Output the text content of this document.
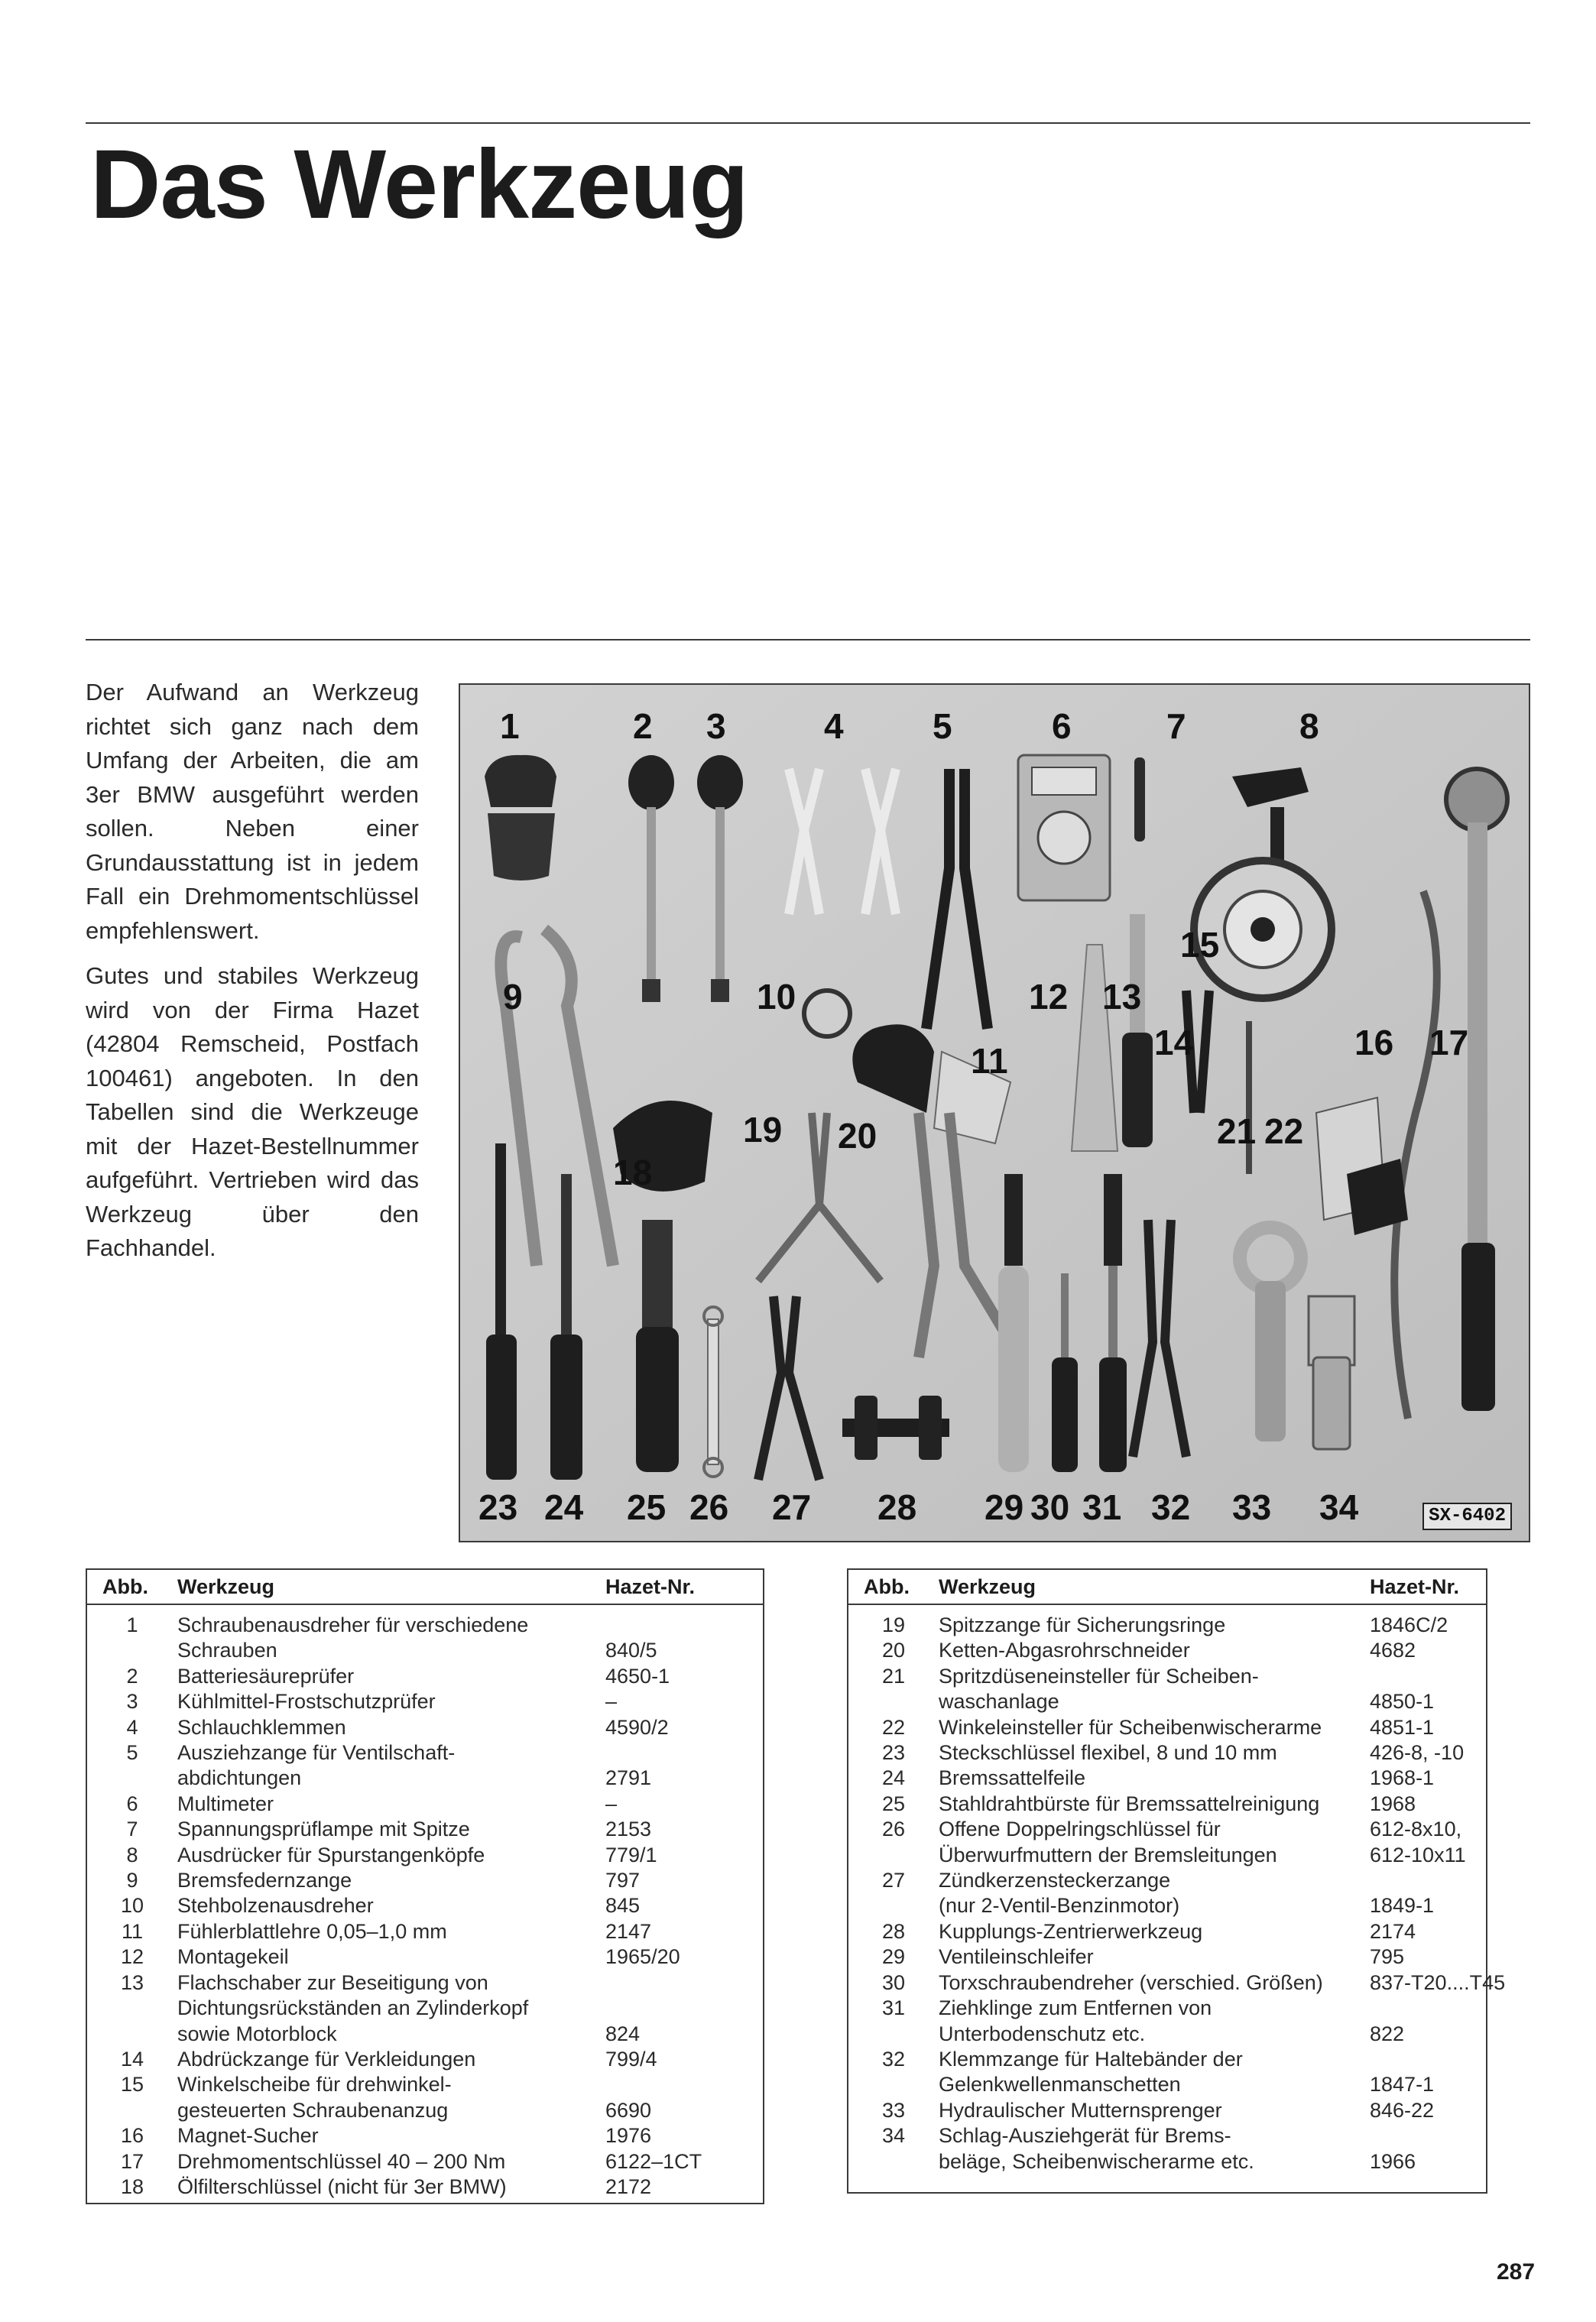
Das Werkzeug

Der Aufwand an Werkzeug richtet sich ganz nach dem Umfang der Arbeiten, die am 3er BMW ausgeführt werden sollen. Neben einer Grundausstattung ist in jedem Fall ein Drehmomentschlüssel empfehlenswert.

Gutes und stabiles Werkzeug wird von der Firma Hazet (42804 Remscheid, Postfach 100461) angeboten. In den Tabellen sind die Werkzeuge mit der Hazet-Bestellnummer aufgeführt. Vertrieben wird das Werkzeug über den Fachhandel.

1	2 3	4	5	6	7	8
9	10
11
12 13
14
15
16 17
18
19 20	21 22
23 24 25 26 27 28 29 30 31 32 33 34	SX-6402
Abb.	Werkzeug	Hazet-Nr.
1	Schraubenausdreher für verschiedene
Schrauben	840/5
2	Batteriesäureprüfer	4650-1
3	Kühlmittel-Frostschutzprüfer	–
4	Schlauchklemmen	4590/2
5	Ausziehzange für Ventilschaft-
abdichtungen	2791
6	Multimeter	–
7	Spannungsprüflampe mit Spitze	2153
8	Ausdrücker für Spurstangenköpfe	779/1
9	Bremsfedernzange	797
10	Stehbolzenausdreher	845
11	Fühlerblattlehre 0,05–1,0 mm	2147
12	Montagekeil	1965/20
13	Flachschaber zur Beseitigung von
Dichtungsrückständen an Zylinderkopf
sowie Motorblock	824
14	Abdrückzange für Verkleidungen	799/4
15	Winkelscheibe für drehwinkel-
gesteuerten Schraubenanzug	6690
16	Magnet-Sucher	1976
17	Drehmomentschlüssel 40 – 200 Nm	6122–1CT
18	Ölfilterschlüssel (nicht für 3er BMW)	2172
Abb.	Werkzeug	Hazet-Nr.
19	Spitzzange für Sicherungsringe	1846C/2
20	Ketten-Abgasrohrschneider	4682
21	Spritzdüseneinsteller für Scheiben-
waschanlage	4850-1
22	Winkeleinsteller für Scheibenwischerarme	4851-1
23	Steckschlüssel flexibel, 8 und 10 mm	426-8, -10
24	Bremssattelfeile	1968-1
25	Stahldrahtbürste für Bremssattelreinigung	1968
26	Offene Doppelringschlüssel für	612-8x10,
Überwurfmuttern der Bremsleitungen	612-10x11
27	Zündkerzensteckerzange
(nur 2-Ventil-Benzinmotor)	1849-1
28	Kupplungs-Zentrierwerkzeug	2174
29	Ventileinschleifer	795
30	Torxschraubendreher (verschied. Größen)	837-T20....T45
31	Ziehklinge zum Entfernen von
Unterbodenschutz etc.	822
32	Klemmzange für Haltebänder der
Gelenkwellenmanschetten	1847-1
33	Hydraulischer Mutternsprenger	846-22
34	Schlag-Ausziehgerät für Brems-
beläge, Scheibenwischerarme etc.	1966
287
